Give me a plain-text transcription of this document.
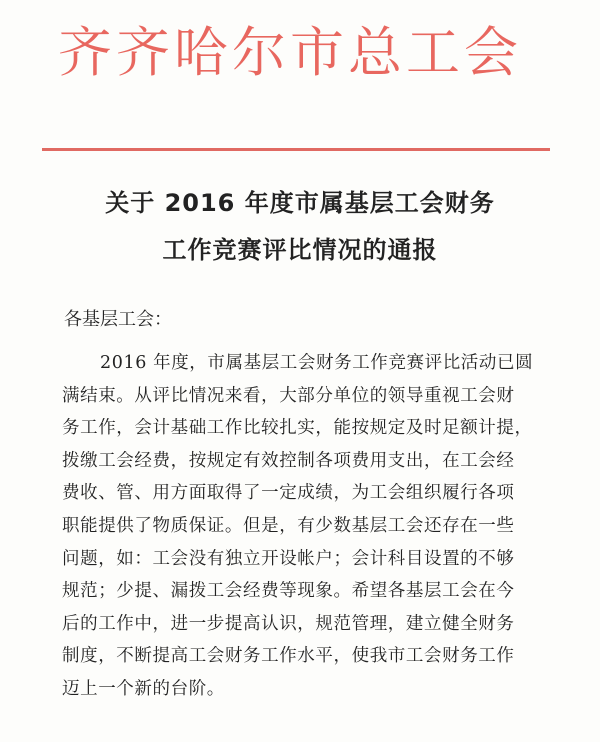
齐齐哈尔市总工会
关于 2016 年度市属基层工会财务
工作竞赛评比情况的通报
各基层工会：
2016 年度，市属基层工会财务工作竞赛评比活动已圆
满结束。从评比情况来看，大部分单位的领导重视工会财
务工作，会计基础工作比较扎实，能按规定及时足额计提，
拨缴工会经费，按规定有效控制各项费用支出，在工会经
费收、管、用方面取得了一定成绩，为工会组织履行各项
职能提供了物质保证。但是，有少数基层工会还存在一些
问题，如：工会没有独立开设帐户；会计科目设置的不够
规范；少提、漏拨工会经费等现象。希望各基层工会在今
后的工作中，进一步提高认识，规范管理，建立健全财务
制度，不断提高工会财务工作水平，使我市工会财务工作
迈上一个新的台阶。
